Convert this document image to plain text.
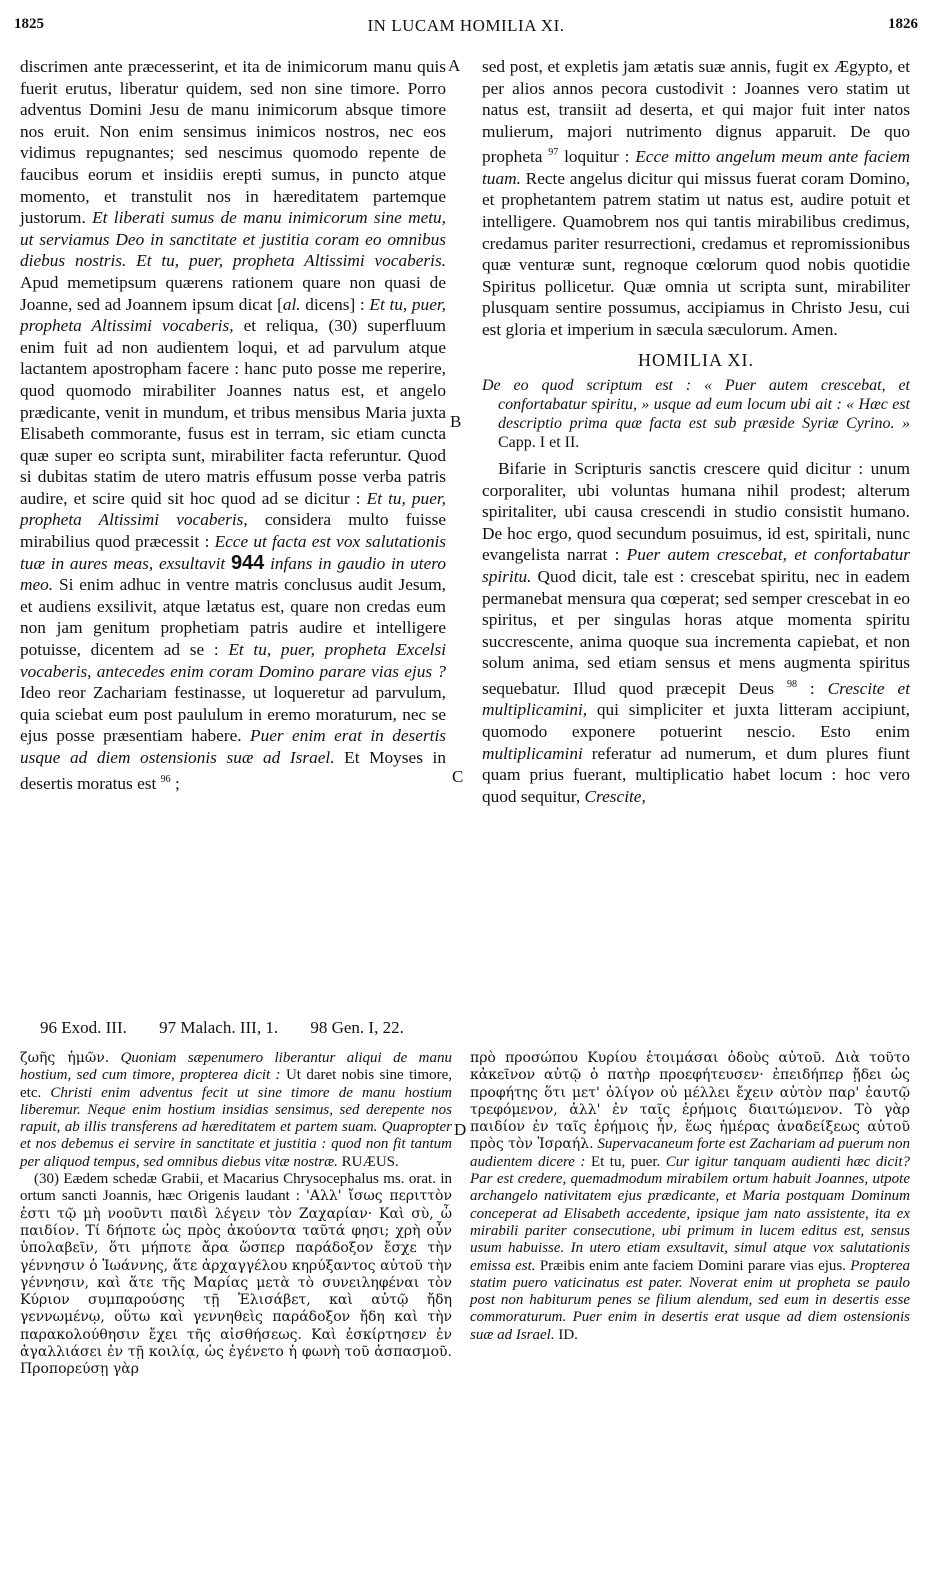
1825	IN LUCAM HOMILIA XI.	1826
A
B
C
D

discrimen ante præcesserint, et ita de inimicorum manu quis fuerit erutus, liberatur quidem, sed non sine timore. Porro adventus Domini Jesu de manu inimicorum absque timore nos eruit. Non enim sensimus inimicos nostros, nec eos vidimus repugnantes; sed nescimus quomodo repente de faucibus eorum et insidiis erepti sumus, in puncto atque momento, et transtulit nos in hæreditatem partemque justorum. Et liberati sumus de manu inimicorum sine metu, ut serviamus Deo in sanctitate et justitia coram eo omnibus diebus nostris. Et tu, puer, propheta Altissimi vocaberis. Apud memetipsum quærens rationem quare non quasi de Joanne, sed ad Joannem ipsum dicat [al. dicens] : Et tu, puer, propheta Altissimi vocaberis, et reliqua, (30) superfluum enim fuit ad non audientem loqui, et ad parvulum atque lactantem apostropham facere : hanc puto posse me reperire, quod quomodo mirabiliter Joannes natus est, et angelo prædicante, venit in mundum, et tribus mensibus Maria juxta Elisabeth commorante, fusus est in terram, sic etiam cuncta quæ super eo scripta sunt, mirabiliter facta referuntur. Quod si dubitas statim de utero matris effusum posse verba patris audire, et scire quid sit hoc quod ad se dicitur : Et tu, puer, propheta Altissimi vocaberis, considera multo fuisse mirabilius quod præcessit : Ecce ut facta est vox salutationis tuæ in aures meas, exsultavit 944 infans in gaudio in utero meo. Si enim adhuc in ventre matris conclusus audit Jesum, et audiens exsilivit, atque lætatus est, quare non credas eum non jam genitum prophetiam patris audire et intelligere potuisse, dicentem ad se : Et tu, puer, propheta Excelsi vocaberis, antecedes enim coram Domino parare vias ejus ? Ideo reor Zachariam festinasse, ut loqueretur ad parvulum, quia sciebat eum post paululum in eremo moraturum, nec se ejus posse præsentiam habere. Puer enim erat in desertis usque ad diem ostensionis suæ ad Israel. Et Moyses in desertis moratus est $^{96}$ ;

sed post, et expletis jam ætatis suæ annis, fugit ex Ægypto, et per alios annos pecora custodivit : Joannes vero statim ut natus est, transiit ad deserta, et qui major fuit inter natos mulierum, majori nutrimento dignus apparuit. De quo propheta $^{97}$ loquitur : Ecce mitto angelum meum ante faciem tuam. Recte angelus dicitur qui missus fuerat coram Domino, et prophetantem patrem statim ut natus est, audire potuit et intelligere. Quamobrem nos qui tantis mirabilibus credimus, credamus pariter resurrectioni, credamus et repromissionibus quæ venturæ sunt, regnoque cœlorum quod nobis quotidie Spiritus pollicetur. Quæ omnia ut scripta sunt, mirabiliter plusquam sentire possumus, accipiamus in Christo Jesu, cui est gloria et imperium in sæcula sæculorum. Amen.

HOMILIA XI.
De eo quod scriptum est : « Puer autem crescebat, et confortabatur spiritu, » usque ad eum locum ubi ait : « Hæc est descriptio prima quæ facta est sub præside Syriæ Cyrino. » Capp. I et II.

Bifarie in Scripturis sanctis crescere quid dicitur : unum corporaliter, ubi voluntas humana nihil prodest; alterum spiritaliter, ubi causa crescendi in studio consistit humano. De hoc ergo, quod secundum posuimus, id est, spiritali, nunc evangelista narrat : Puer autem crescebat, et confortabatur spiritu. Quod dicit, tale est : crescebat spiritu, nec in eadem permanebat mensura qua cœperat; sed semper crescebat in eo spiritus, et per singulas horas atque momenta spiritu succrescente, anima quoque sua incrementa capiebat, et non solum anima, sed etiam sensus et mens augmenta spiritus sequebatur. Illud quod præcepit Deus $^{98}$ : Crescite et multiplicamini, qui simpliciter et juxta litteram accipiunt, quomodo exponere potuerint nescio. Esto enim multiplicamini referatur ad numerum, et dum plures fiunt quam prius fuerant, multiplicatio habet locum : hoc vero quod sequitur, Crescite,

96 Exod. III. 97 Malach. III, 1. 98 Gen. I, 22.

ζωῆς ἡμῶν. Quoniam sæpenumero liberantur aliqui de manu hostium, sed cum timore, propterea dicit : Ut daret nobis sine timore, etc. Christi enim adventus fecit ut sine timore de manu hostium liberemur. Neque enim hostium insidias sensimus, sed derepente nos rapuit, ab illis transferens ad hæreditatem et partem suam. Quapropter et nos debemus ei servire in sanctitate et justitia : quod non fit tantum per aliquod tempus, sed omnibus diebus vitæ nostræ. RUÆUS.

(30) Eædem schedæ Grabii, et Macarius Chrysocephalus ms. orat. in ortum sancti Joannis, hæc Origenis laudant : 'Αλλ' ἴσως περιττὸν ἐστι τῷ μὴ νοοῦντι παιδὶ λέγειν τὸν Ζαχαρίαν· Καὶ σὺ, ὦ παιδίον. Τί δήποτε ὡς πρὸς ἀκούοντα ταῦτά φησι; χρὴ οὖν ὑπολαβεῖν, ὅτι μήποτε ἄρα ὥσπερ παράδοξον ἔσχε τὴν γέννησιν ὁ Ἰωάννης, ἅτε ἀρχαγγέλου κηρύξαντος αὐτοῦ τὴν γέννησιν, καὶ ἅτε τῆς Μαρίας μετὰ τὸ συνειληφέναι τὸν Κύριον συμπαρούσης τῇ Ἐλισάβετ, καὶ αὐτῷ ἤδη γεννωμένῳ, οὕτω καὶ γεννηθεὶς παράδοξον ἤδη καὶ τὴν παρακολούθησιν ἔχει τῆς αἰσθήσεως. Καὶ ἐσκίρτησεν ἐν ἀγαλλιάσει ἐν τῇ κοιλίᾳ, ὡς ἐγένετο ἡ φωνὴ τοῦ ἀσπασμοῦ. Προπορεύσῃ γὰρ

πρὸ προσώπου Κυρίου ἑτοιμάσαι ὁδοὺς αὐτοῦ. Διὰ τοῦτο κἀκεῖνον αὐτῷ ὁ πατὴρ προεφήτευσεν· ἐπειδήπερ ᾔδει ὡς προφήτης ὅτι μετ' ὀλίγον οὐ μέλλει ἔχειν αὐτὸν παρ' ἑαυτῷ τρεφόμενον, ἀλλ' ἐν ταῖς ἐρήμοις διαιτώμενον. Τὸ γὰρ παιδίον ἐν ταῖς ἐρήμοις ἦν, ἕως ἡμέρας ἀναδείξεως αὐτοῦ πρὸς τὸν Ἰσραήλ. Supervacaneum forte est Zachariam ad puerum non audientem dicere : Et tu, puer. Cur igitur tanquam audienti hæc dicit? Par est credere, quemadmodum mirabilem ortum habuit Joannes, utpote archangelo nativitatem ejus prædicante, et Maria postquam Dominum conceperat ad Elisabeth accedente, ipsique jam nato assistente, ita ex mirabili pariter consecutione, ubi primum in lucem editus est, sensus usum habuisse. In utero etiam exsultavit, simul atque vox salutationis emissa est. Præibis enim ante faciem Domini parare vias ejus. Propterea statim puero vaticinatus est pater. Noverat enim ut propheta se paulo post non habiturum penes se filium alendum, sed eum in desertis esse commoraturum. Puer enim in desertis erat usque ad diem ostensionis suæ ad Israel. ID.
